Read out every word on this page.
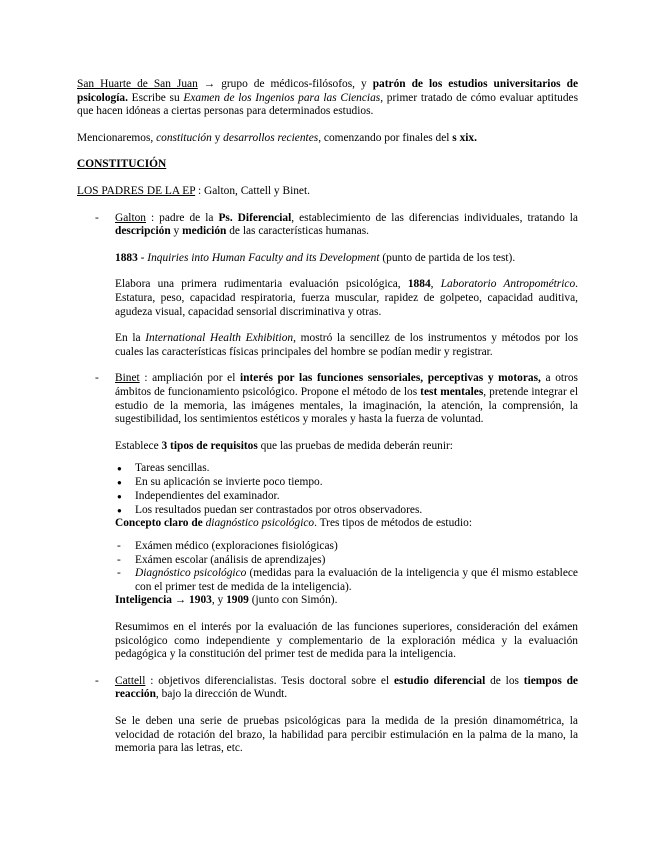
San Huarte de San Juan → grupo de médicos-filósofos, y patrón de los estudios universitarios de psicología. Escribe su Examen de los Ingenios para las Ciencias, primer tratado de cómo evaluar aptitudes que hacen idóneas a ciertas personas para determinados estudios.

Mencionaremos, constitución y desarrollos recientes, comenzando por finales del s xix.

CONSTITUCIÓN

LOS PADRES DE LA EP : Galton, Cattell y Binet.

- Galton : padre de la Ps. Diferencial, establecimiento de las diferencias individuales, tratando la descripción y medición de las características humanas.

1883 - Inquiries into Human Faculty and its Development (punto de partida de los test).

Elabora una primera rudimentaria evaluación psicológica, 1884, Laboratorio Antropométrico. Estatura, peso, capacidad respiratoria, fuerza muscular, rapidez de golpeteo, capacidad auditiva, agudeza visual, capacidad sensorial discriminativa y otras.

En la International Health Exhibition, mostró la sencillez de los instrumentos y métodos por los cuales las características físicas principales del hombre se podían medir y registrar.

- Binet : ampliación por el interés por las funciones sensoriales, perceptivas y motoras, a otros ámbitos de funcionamiento psicológico. Propone el método de los test mentales, pretende integrar el estudio de la memoria, las imágenes mentales, la imaginación, la atención, la comprensión, la sugestibilidad, los sentimientos estéticos y morales y hasta la fuerza de voluntad.

Establece 3 tipos de requisitos que las pruebas de medida deberán reunir:

● Tareas sencillas.
● En su aplicación se invierte poco tiempo.
● Independientes del examinador.
● Los resultados puedan ser contrastados por otros observadores.

Concepto claro de diagnóstico psicológico. Tres tipos de métodos de estudio:

- Exámen médico (exploraciones fisiológicas)
- Exámen escolar (análisis de aprendizajes)
- Diagnóstico psicológico (medidas para la evaluación de la inteligencia y que él mismo establece con el primer test de medida de la inteligencia).

Inteligencia → 1903, y 1909 (junto con Simón).

Resumimos en el interés por la evaluación de las funciones superiores, consideración del exámen psicológico como independiente y complementario de la exploración médica y la evaluación pedagógica y la constitución del primer test de medida para la inteligencia.

- Cattell : objetivos diferencialistas. Tesis doctoral sobre el estudio diferencial de los tiempos de reacción, bajo la dirección de Wundt.

Se le deben una serie de pruebas psicológicas para la medida de la presión dinamométrica, la velocidad de rotación del brazo, la habilidad para percibir estimulación en la palma de la mano, la memoria para las letras, etc.
